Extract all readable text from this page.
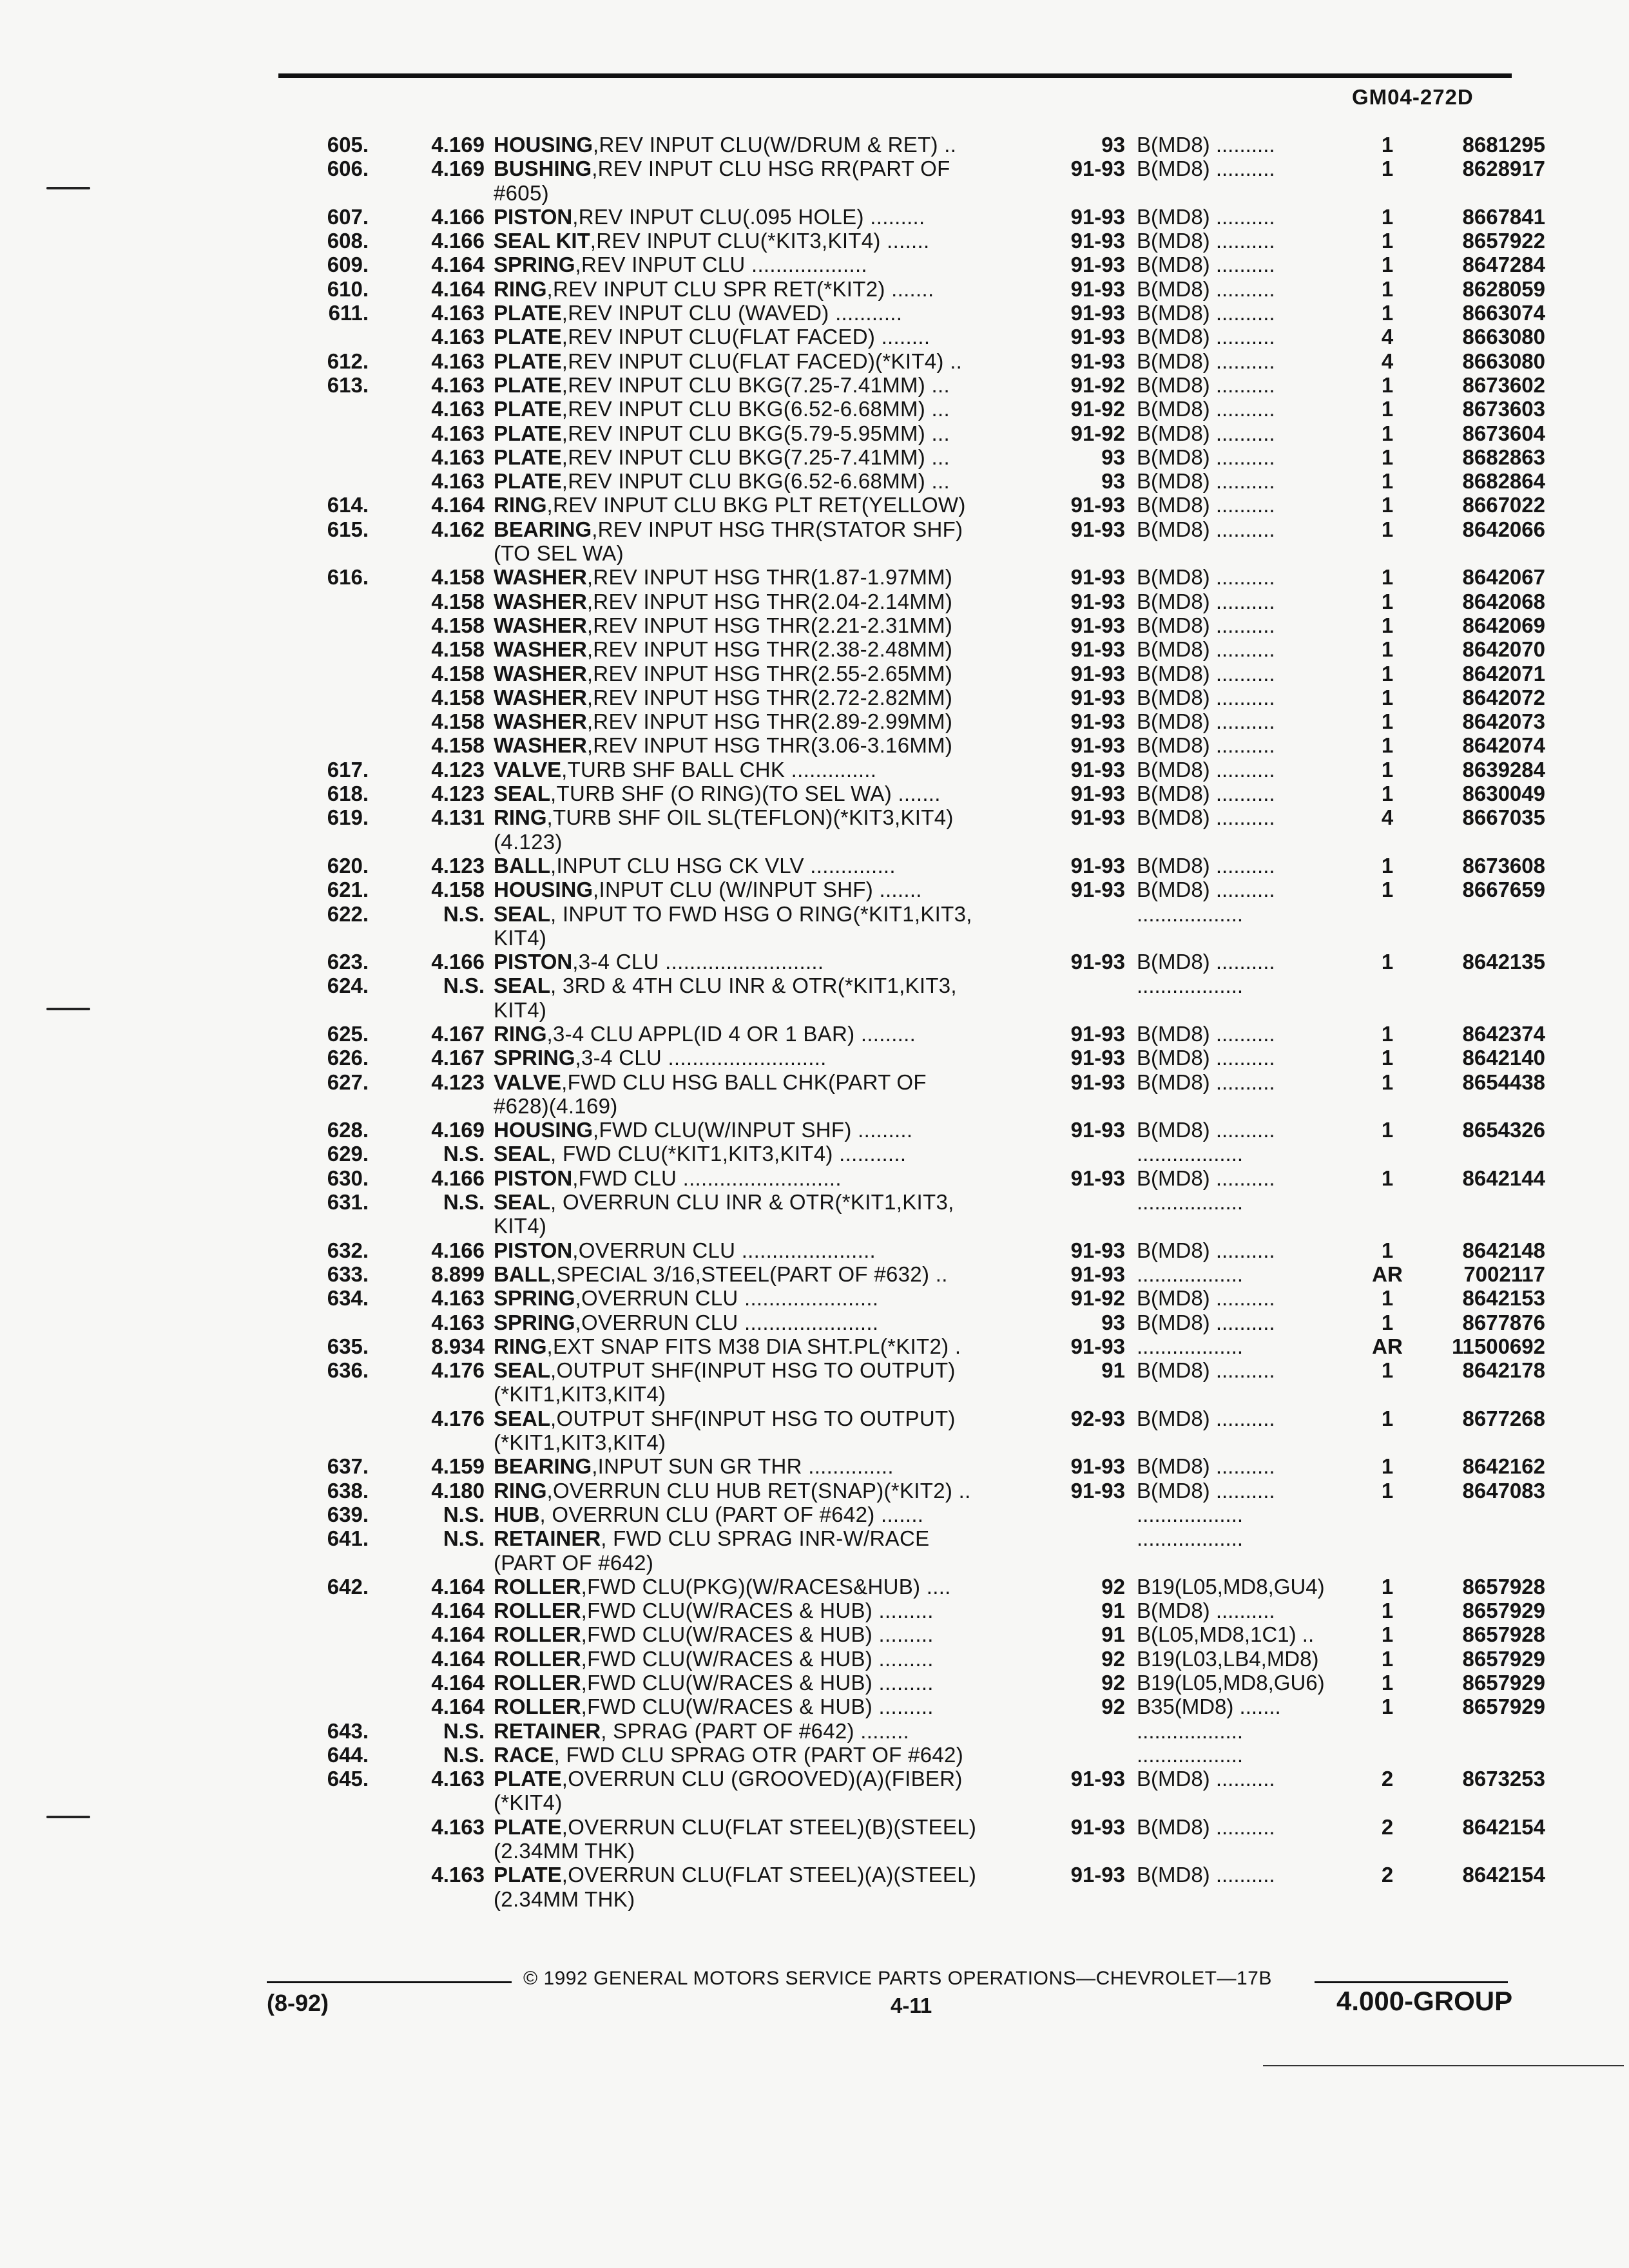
GM04-272D
605.	4.169 HOUSING,REV INPUT CLU(W/DRUM & RET) ..	93 B(MD8) ..........	1	8681295
606.	4.169 BUSHING,REV INPUT CLU HSG RR(PART OF	91-93 B(MD8) ..........	1	8628917
#605)
607.	4.166 PISTON,REV INPUT CLU(.095 HOLE) .........	91-93 B(MD8) ..........	1	8667841
608.	4.166 SEAL KIT,REV INPUT CLU(*KIT3,KIT4) .......	91-93 B(MD8) ..........	1	8657922
609.	4.164 SPRING,REV INPUT CLU ...................	91-93 B(MD8) ..........	1	8647284
610.	4.164 RING,REV INPUT CLU SPR RET(*KIT2) .......	91-93 B(MD8) ..........	1	8628059
611.	4.163 PLATE,REV INPUT CLU (WAVED) ...........	91-93 B(MD8) ..........	1	8663074
4.163 PLATE,REV INPUT CLU(FLAT FACED) ........	91-93 B(MD8) ..........	4	8663080
612.	4.163 PLATE,REV INPUT CLU(FLAT FACED)(*KIT4) ..	91-93 B(MD8) ..........	4	8663080
613.	4.163 PLATE,REV INPUT CLU BKG(7.25-7.41MM) ...	91-92 B(MD8) ..........	1	8673602
4.163 PLATE,REV INPUT CLU BKG(6.52-6.68MM) ...	91-92 B(MD8) ..........	1	8673603
4.163 PLATE,REV INPUT CLU BKG(5.79-5.95MM) ...	91-92 B(MD8) ..........	1	8673604
4.163 PLATE,REV INPUT CLU BKG(7.25-7.41MM) ...	93 B(MD8) ..........	1	8682863
4.163 PLATE,REV INPUT CLU BKG(6.52-6.68MM) ...	93 B(MD8) ..........	1	8682864
614.	4.164 RING,REV INPUT CLU BKG PLT RET(YELLOW)	91-93 B(MD8) ..........	1	8667022
615.	4.162 BEARING,REV INPUT HSG THR(STATOR SHF)	91-93 B(MD8) ..........	1	8642066
(TO SEL WA)
616.	4.158 WASHER,REV INPUT HSG THR(1.87-1.97MM)	91-93 B(MD8) ..........	1	8642067
4.158 WASHER,REV INPUT HSG THR(2.04-2.14MM)	91-93 B(MD8) ..........	1	8642068
4.158 WASHER,REV INPUT HSG THR(2.21-2.31MM)	91-93 B(MD8) ..........	1	8642069
4.158 WASHER,REV INPUT HSG THR(2.38-2.48MM)	91-93 B(MD8) ..........	1	8642070
4.158 WASHER,REV INPUT HSG THR(2.55-2.65MM)	91-93 B(MD8) ..........	1	8642071
4.158 WASHER,REV INPUT HSG THR(2.72-2.82MM)	91-93 B(MD8) ..........	1	8642072
4.158 WASHER,REV INPUT HSG THR(2.89-2.99MM)	91-93 B(MD8) ..........	1	8642073
4.158 WASHER,REV INPUT HSG THR(3.06-3.16MM)	91-93 B(MD8) ..........	1	8642074
617.	4.123 VALVE,TURB SHF BALL CHK ..............	91-93 B(MD8) ..........	1	8639284
618.	4.123 SEAL,TURB SHF (O RING)(TO SEL WA) .......	91-93 B(MD8) ..........	1	8630049
619.	4.131 RING,TURB SHF OIL SL(TEFLON)(*KIT3,KIT4)	91-93 B(MD8) ..........	4	8667035
(4.123)
620.	4.123 BALL,INPUT CLU HSG CK VLV ..............	91-93 B(MD8) ..........	1	8673608
621.	4.158 HOUSING,INPUT CLU (W/INPUT SHF) .......	91-93 B(MD8) ..........	1	8667659
622.	N.S. SEAL, INPUT TO FWD HSG O RING(*KIT1,KIT3,	..................
KIT4)
623.	4.166 PISTON,3-4 CLU ..........................	91-93 B(MD8) ..........	1	8642135
624.	N.S. SEAL, 3RD & 4TH CLU INR & OTR(*KIT1,KIT3,	..................
KIT4)
625.	4.167 RING,3-4 CLU APPL(ID 4 OR 1 BAR) .........	91-93 B(MD8) ..........	1	8642374
626.	4.167 SPRING,3-4 CLU ..........................	91-93 B(MD8) ..........	1	8642140
627.	4.123 VALVE,FWD CLU HSG BALL CHK(PART OF	91-93 B(MD8) ..........	1	8654438
#628)(4.169)
628.	4.169 HOUSING,FWD CLU(W/INPUT SHF) .........	91-93 B(MD8) ..........	1	8654326
629.	N.S. SEAL, FWD CLU(*KIT1,KIT3,KIT4) ...........	..................
630.	4.166 PISTON,FWD CLU ..........................	91-93 B(MD8) ..........	1	8642144
631.	N.S. SEAL, OVERRUN CLU INR & OTR(*KIT1,KIT3,	..................
KIT4)
632.	4.166 PISTON,OVERRUN CLU ......................	91-93 B(MD8) ..........	1	8642148
633.	8.899 BALL,SPECIAL 3/16,STEEL(PART OF #632) ..	91-93 ..................	AR	7002117
634.	4.163 SPRING,OVERRUN CLU ......................	91-92 B(MD8) ..........	1	8642153
4.163 SPRING,OVERRUN CLU ......................	93 B(MD8) ..........	1	8677876
635.	8.934 RING,EXT SNAP FITS M38 DIA SHT.PL(*KIT2) .	91-93 ..................	AR	11500692
636.	4.176 SEAL,OUTPUT SHF(INPUT HSG TO OUTPUT)	91 B(MD8) ..........	1	8642178
(*KIT1,KIT3,KIT4)
4.176 SEAL,OUTPUT SHF(INPUT HSG TO OUTPUT)	92-93 B(MD8) ..........	1	8677268
(*KIT1,KIT3,KIT4)
637.	4.159 BEARING,INPUT SUN GR THR ..............	91-93 B(MD8) ..........	1	8642162
638.	4.180 RING,OVERRUN CLU HUB RET(SNAP)(*KIT2) ..	91-93 B(MD8) ..........	1	8647083
639.	N.S. HUB, OVERRUN CLU (PART OF #642) .......	..................
641.	N.S. RETAINER, FWD CLU SPRAG INR-W/RACE	..................
(PART OF #642)
642.	4.164 ROLLER,FWD CLU(PKG)(W/RACES&HUB) ....	92 B19(L05,MD8,GU4)	1	8657928
4.164 ROLLER,FWD CLU(W/RACES & HUB) .........	91 B(MD8) ..........	1	8657929
4.164 ROLLER,FWD CLU(W/RACES & HUB) .........	91 B(L05,MD8,1C1) ..	1	8657928
4.164 ROLLER,FWD CLU(W/RACES & HUB) .........	92 B19(L03,LB4,MD8)	1	8657929
4.164 ROLLER,FWD CLU(W/RACES & HUB) .........	92 B19(L05,MD8,GU6)	1	8657929
4.164 ROLLER,FWD CLU(W/RACES & HUB) .........	92 B35(MD8) .......	1	8657929
643.	N.S. RETAINER, SPRAG (PART OF #642) ........	..................
644.	N.S. RACE, FWD CLU SPRAG OTR (PART OF #642)	..................
645.	4.163 PLATE,OVERRUN CLU (GROOVED)(A)(FIBER)	91-93 B(MD8) ..........	2	8673253
(*KIT4)
4.163 PLATE,OVERRUN CLU(FLAT STEEL)(B)(STEEL)	91-93 B(MD8) ..........	2	8642154
(2.34MM THK)
4.163 PLATE,OVERRUN CLU(FLAT STEEL)(A)(STEEL)	91-93 B(MD8) ..........	2	8642154
(2.34MM THK)
© 1992 GENERAL MOTORS SERVICE PARTS OPERATIONS—CHEVROLET—17B
(8-92)	4-11	4.000-GROUP
